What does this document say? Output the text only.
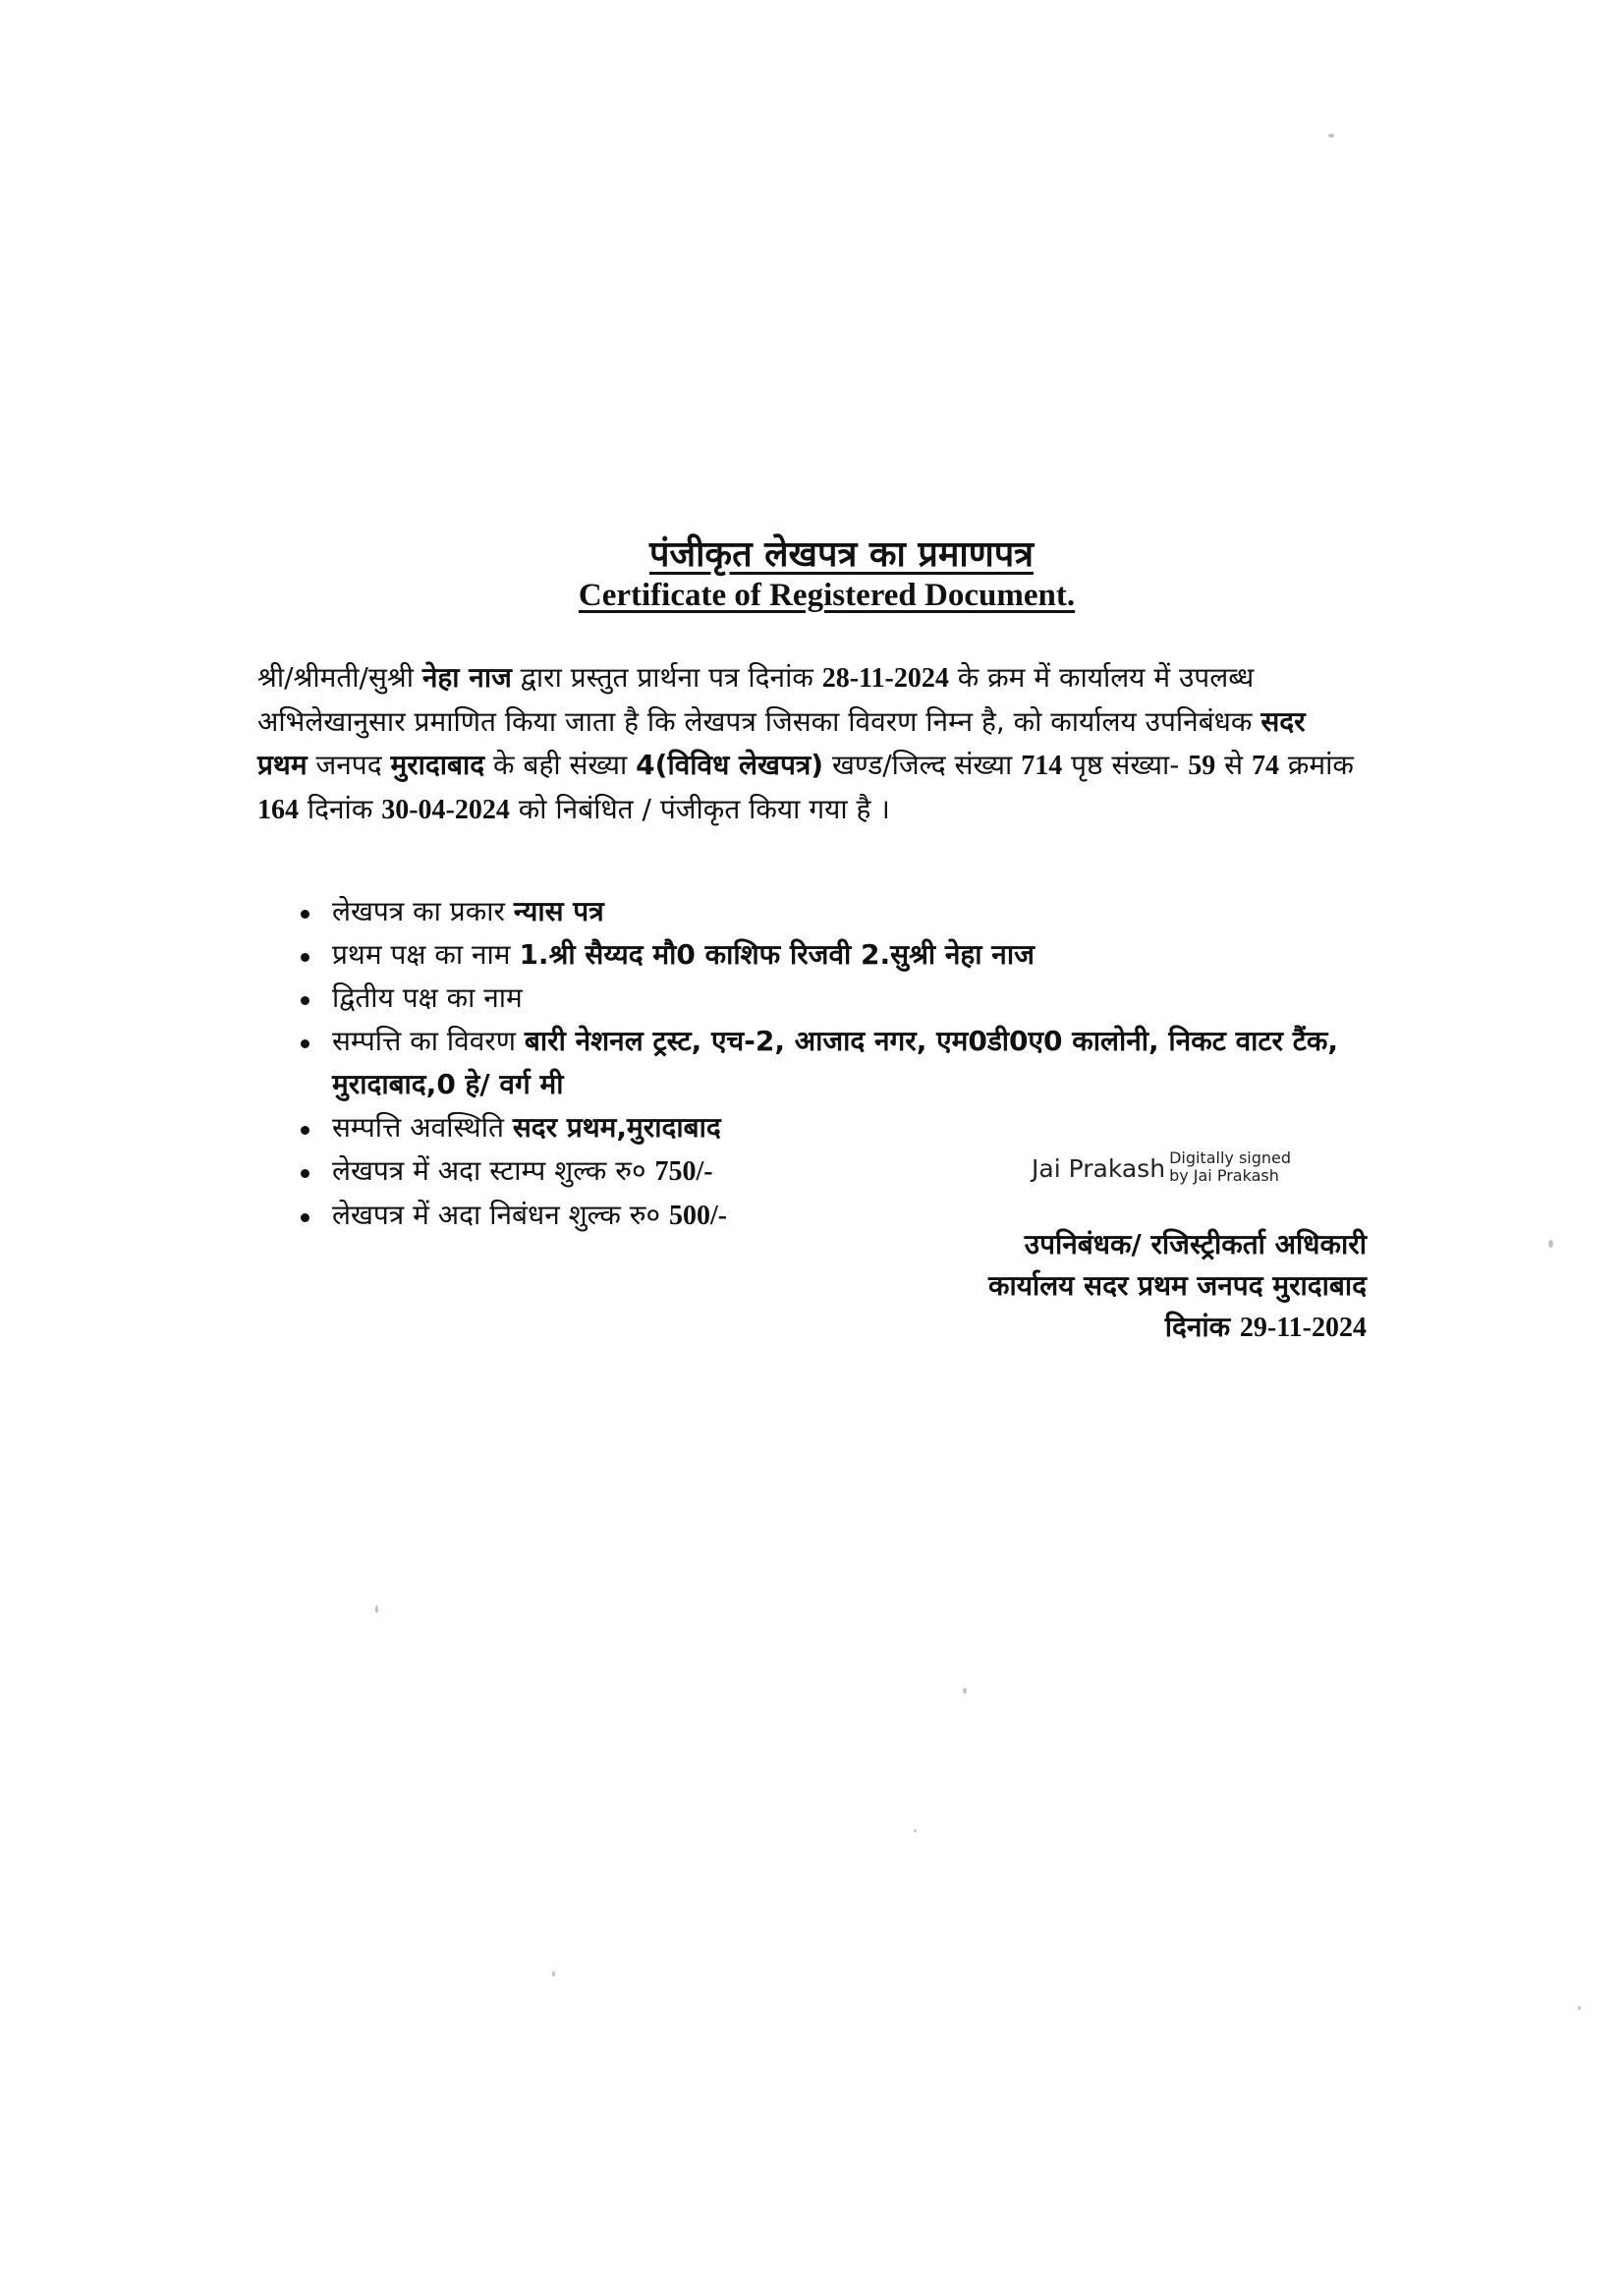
पंजीकृत लेखपत्र का प्रमाणपत्र
Certificate of Registered Document.
श्री/श्रीमती/सुश्री नेहा नाज द्वारा प्रस्तुत प्रार्थना पत्र दिनांक 28-11-2024 के क्रम में कार्यालय में उपलब्ध अभिलेखानुसार प्रमाणित किया जाता है कि लेखपत्र जिसका विवरण निम्न है, को कार्यालय उपनिबंधक सदर प्रथम जनपद मुरादाबाद के बही संख्या 4(विविध लेखपत्र) खण्ड/जिल्द संख्या 714 पृष्ठ संख्या- 59 से 74 क्रमांक 164 दिनांक 30-04-2024 को निबंधित / पंजीकृत किया गया है ।
लेखपत्र का प्रकार न्यास पत्र
प्रथम पक्ष का नाम 1.श्री सैय्यद मौ0 काशिफ रिजवी 2.सुश्री नेहा नाज
द्वितीय पक्ष का नाम
सम्पत्ति का विवरण बारी नेशनल ट्रस्ट, एच-2, आजाद नगर, एम0डी0ए0 कालोनी, निकट वाटर टैंक, मुरादाबाद,0 हे/ वर्ग मी
सम्पत्ति अवस्थिति सदर प्रथम,मुरादाबाद
लेखपत्र में अदा स्टाम्प शुल्क रु० 750/-
लेखपत्र में अदा निबंधन शुल्क रु० 500/-
Jai Prakash Digitally signed
by Jai Prakash
उपनिबंधक/ रजिस्ट्रीकर्ता अधिकारी
कार्यालय सदर प्रथम जनपद मुरादाबाद
दिनांक 29-11-2024
